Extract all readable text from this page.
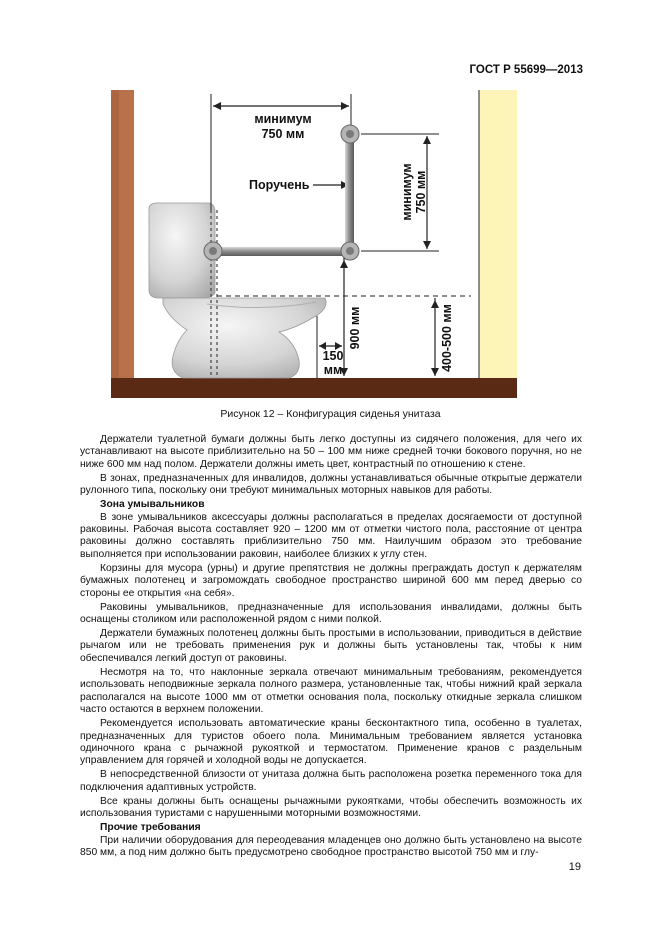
ГОСТ Р 55699—2013
минимум
750 мм
Поручень	минимум 750 мм
900 мм	400-500 мм
150
мм
Рисунок 12 – Конфигурация сиденья унитаза

Держатели туалетной бумаги должны быть легко доступны из сидячего положения, для чего их устанавливают на высоте приблизительно на 50 – 100 мм ниже средней точки бокового поручня, но не ниже 600 мм над полом. Держатели должны иметь цвет, контрастный по отношению к стене.

В зонах, предназначенных для инвалидов, должны устанавливаться обычные открытые держатели рулонного типа, поскольку они требуют минимальных моторных навыков для работы.

Зона умывальников

В зоне умывальников аксессуары должны располагаться в пределах досягаемости от доступной раковины. Рабочая высота составляет 920 – 1200 мм от отметки чистого пола, расстояние от центра раковины должно составлять приблизительно 750 мм. Наилучшим образом это требование выполняется при использовании раковин, наиболее близких к углу стен.

Корзины для мусора (урны) и другие препятствия не должны преграждать доступ к держателям бумажных полотенец и загромождать свободное пространство шириной 600 мм перед дверью со стороны ее открытия «на себя».

Раковины умывальников, предназначенные для использования инвалидами, должны быть оснащены столиком или расположенной рядом с ними полкой.

Держатели бумажных полотенец должны быть простыми в использовании, приводиться в действие рычагом или не требовать применения рук и должны быть установлены так, чтобы к ним обеспечивался легкий доступ от раковины.

Несмотря на то, что наклонные зеркала отвечают минимальным требованиям, рекомендуется использовать неподвижные зеркала полного размера, установленные так, чтобы нижний край зеркала располагался на высоте 1000 мм от отметки основания пола, поскольку откидные зеркала слишком часто остаются в верхнем положении.

Рекомендуется использовать автоматические краны бесконтактного типа, особенно в туалетах, предназначенных для туристов обоего пола. Минимальным требованием является установка одиночного крана с рычажной рукояткой и термостатом. Применение кранов с раздельным управлением для горячей и холодной воды не допускается.

В непосредственной близости от унитаза должна быть расположена розетка переменного тока для подключения адаптивных устройств.

Все краны должны быть оснащены рычажными рукоятками, чтобы обеспечить возможность их использования туристами с нарушенными моторными возможностями.

Прочие требования

При наличии оборудования для переодевания младенцев оно должно быть установлено на высоте 850 мм, а под ним должно быть предусмотрено свободное пространство высотой 750 мм и глу-

19
